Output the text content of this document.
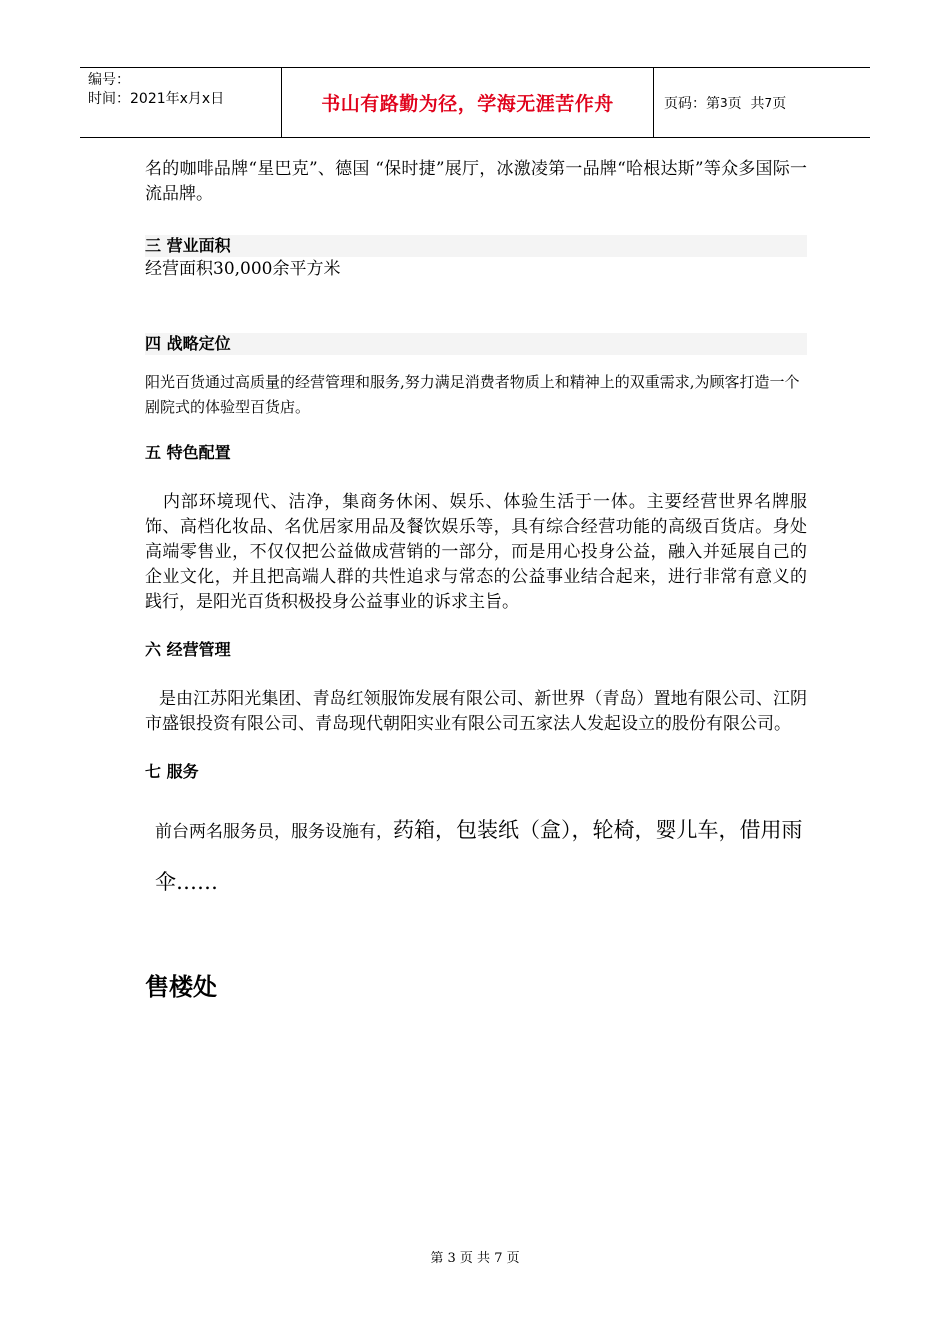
编号：
时间：2021年x月x日	书山有路勤为径，学海无涯苦作舟	页码：第 3 页  共 7 页

名的咖啡品牌“星巴克”、德国 “保时捷”展厅，冰激凌第一品牌“哈根达斯”等众多国际一流品牌。

三 营业面积

经营面积30,000余平方米

四 战略定位

阳光百货通过高质量的经营管理和服务,努力满足消费者物质上和精神上的双重需求,为顾客打造一个剧院式的体验型百货店。

五 特色配置

内部环境现代、洁净，集商务休闲、娱乐、体验生活于一体。主要经营世界名牌服饰、高档化妆品、名优居家用品及餐饮娱乐等，具有综合经营功能的高级百货店。身处高端零售业，不仅仅把公益做成营销的一部分，而是用心投身公益，融入并延展自己的企业文化，并且把高端人群的共性追求与常态的公益事业结合起来，进行非常有意义的践行，是阳光百货积极投身公益事业的诉求主旨。

六 经营管理

是由江苏阳光集团、青岛红领服饰发展有限公司、新世界（青岛）置地有限公司、江阴市盛银投资有限公司、青岛现代朝阳实业有限公司五家法人发起设立的股份有限公司。

七 服务

前台两名服务员，服务设施有，药箱，包装纸（盒），轮椅，婴儿车，借用雨伞……

售楼处

第 3 页 共 7 页
